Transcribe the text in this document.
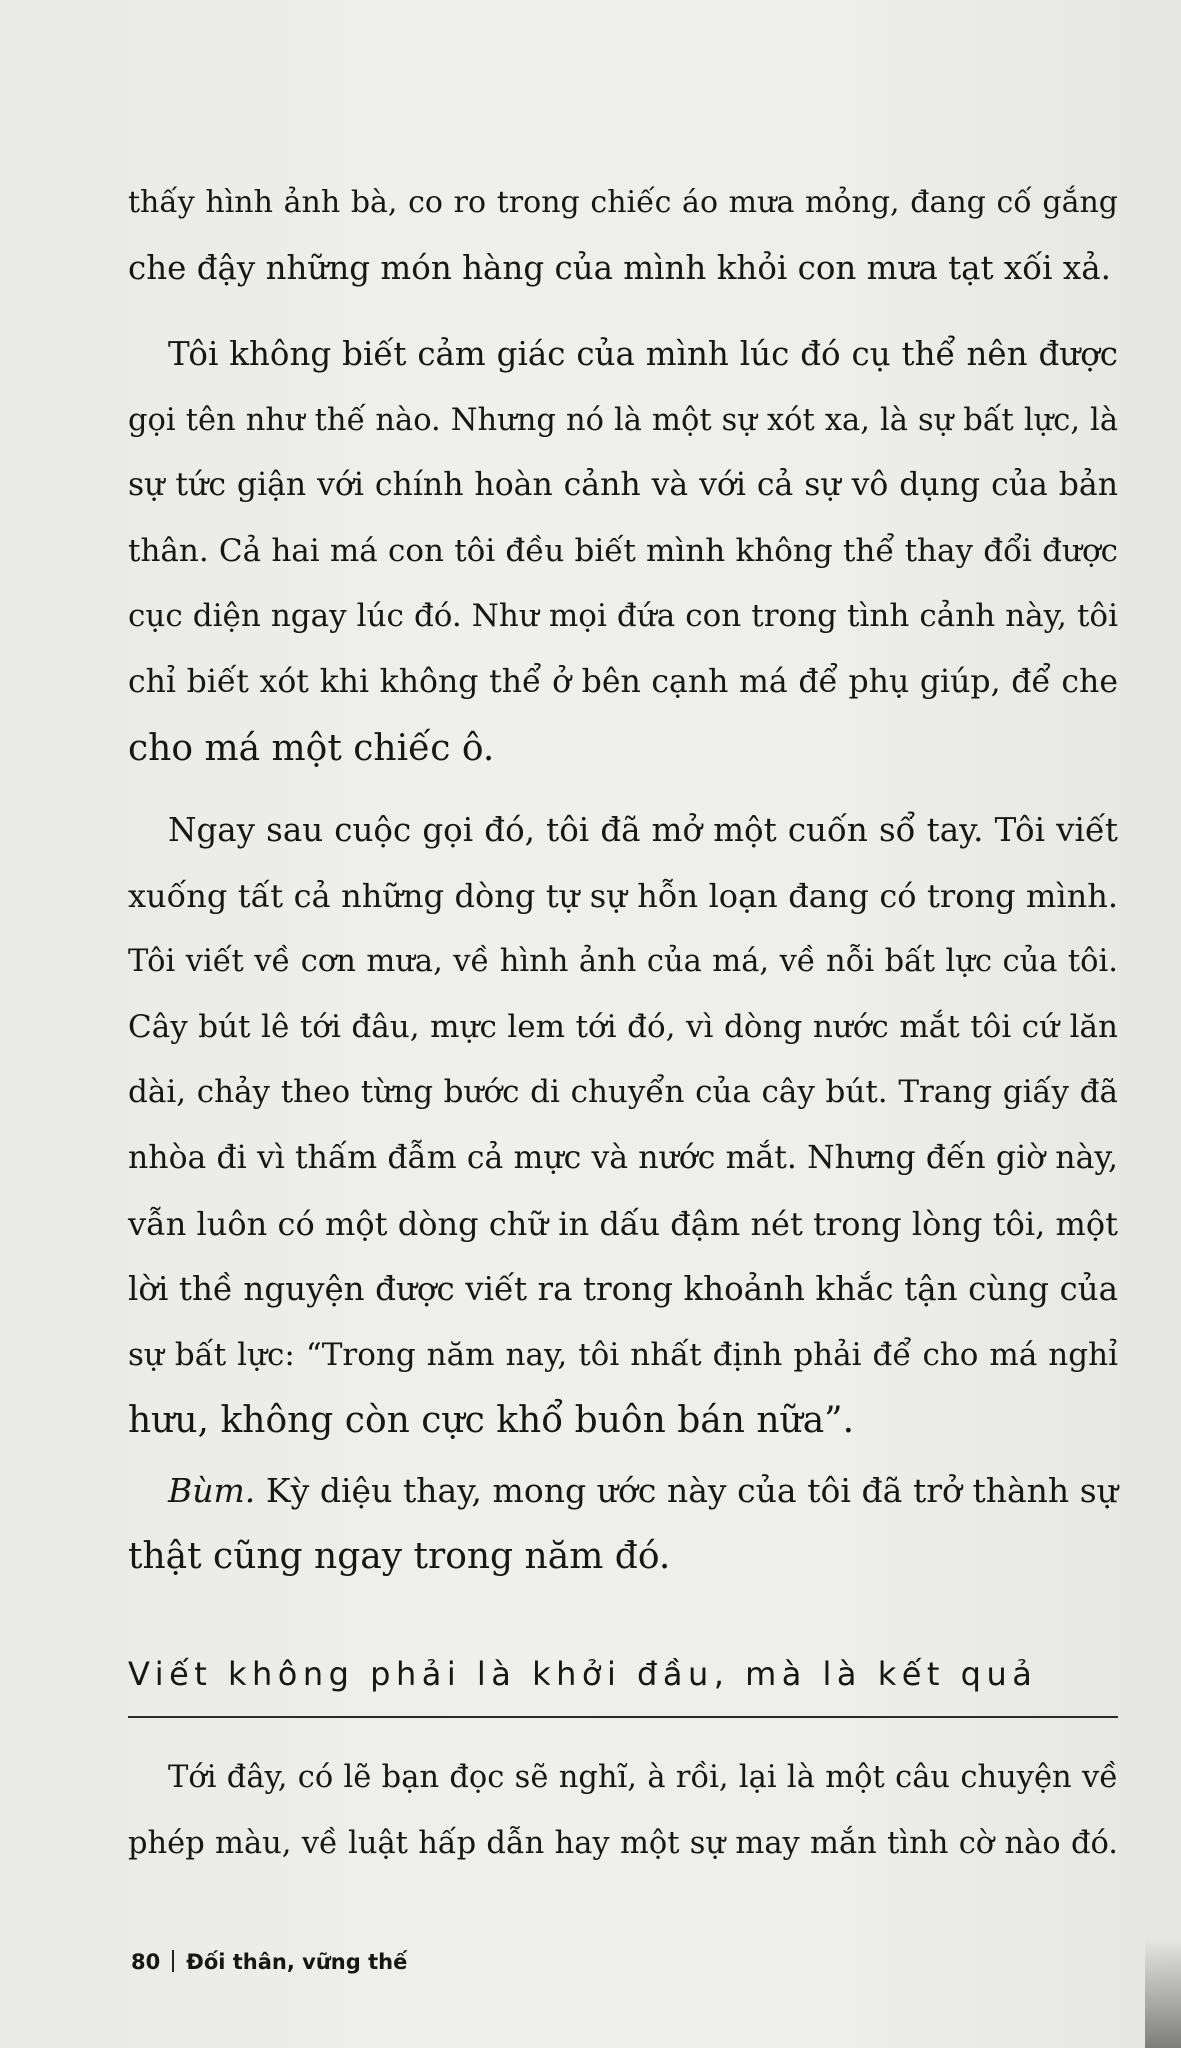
thấy hình ảnh bà, co ro trong chiếc áo mưa mỏng, đang cố gắng
che đậy những món hàng của mình khỏi con mưa tạt xối xả.

Tôi không biết cảm giác của mình lúc đó cụ thể nên được
gọi tên như thế nào. Nhưng nó là một sự xót xa, là sự bất lực, là
sự tức giận với chính hoàn cảnh và với cả sự vô dụng của bản
thân. Cả hai má con tôi đều biết mình không thể thay đổi được
cục diện ngay lúc đó. Như mọi đứa con trong tình cảnh này, tôi
chỉ biết xót khi không thể ở bên cạnh má để phụ giúp, để che
cho má một chiếc ô.

Ngay sau cuộc gọi đó, tôi đã mở một cuốn sổ tay. Tôi viết
xuống tất cả những dòng tự sự hỗn loạn đang có trong mình.
Tôi viết về cơn mưa, về hình ảnh của má, về nỗi bất lực của tôi.
Cây bút lê tới đâu, mực lem tới đó, vì dòng nước mắt tôi cứ lăn
dài, chảy theo từng bước di chuyển của cây bút. Trang giấy đã
nhòa đi vì thấm đẫm cả mực và nước mắt. Nhưng đến giờ này,
vẫn luôn có một dòng chữ in dấu đậm nét trong lòng tôi, một
lời thề nguyện được viết ra trong khoảnh khắc tận cùng của
sự bất lực: “Trong năm nay, tôi nhất định phải để cho má nghỉ
hưu, không còn cực khổ buôn bán nữa”.

Bùm. Kỳ diệu thay, mong ước này của tôi đã trở thành sự
thật cũng ngay trong năm đó.

Viết không phải là khởi đầu, mà là kết quả

Tới đây, có lẽ bạn đọc sẽ nghĩ, à rồi, lại là một câu chuyện về
phép màu, về luật hấp dẫn hay một sự may mắn tình cờ nào đó.

80 Đối thân, vững thế
